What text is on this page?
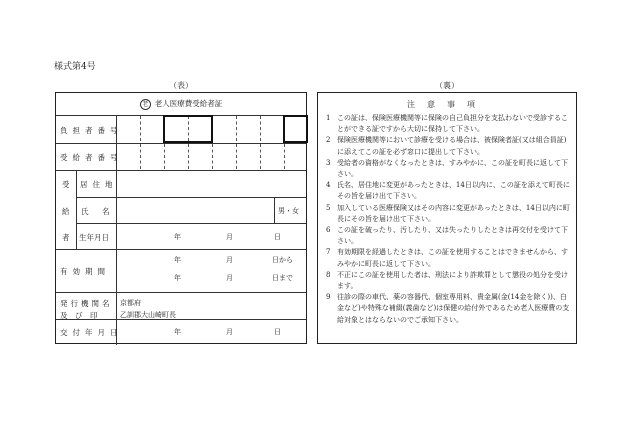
様式第4号
（表）	（裏）
老 老人医療費受給者証
負担者番号
受給者番号
受
給
者
居住地
氏　名	男・女
生年月日	年	月	日
有効期間
年	月	日から
年	月	日まで
発行機関名
及　び　印
京都府
乙訓郡大山崎町長
交付年月日	年	月	日
注意事項
1 この証は、保険医療機関等に保険の自己負担分を支払わないで受診することができる証ですから大切に保持して下さい。
2 保険医療機関等において診療を受ける場合は、被保険者証(又は組合員証)に添えてこの証を必ず窓口に提出して下さい。
3 受給者の資格がなくなったときは、すみやかに、この証を町長に返して下さい。
4 氏名、居住地に変更があったときは、14日以内に、この証を添えて町長にその旨を届け出て下さい。
5 加入している医療保険又はその内容に変更があったときは、14日以内に町長にその旨を届け出て下さい。
6 この証を破ったり、汚したり、又は失ったりしたときは再交付を受けて下さい。
7 有効期限を経過したときは、この証を使用することはできませんから、すみやかに町長に返して下さい。
8 不正にこの証を使用した者は、刑法により詐欺罪として懲役の処分を受けます。
9 往診の際の車代、薬の容器代、個室専用料、貴金属(金(14金を除く))、白金など)や特殊な補綴(義歯など)は保健の給付外であるため老人医療費の支給対象とはならないのでご承知下さい。
